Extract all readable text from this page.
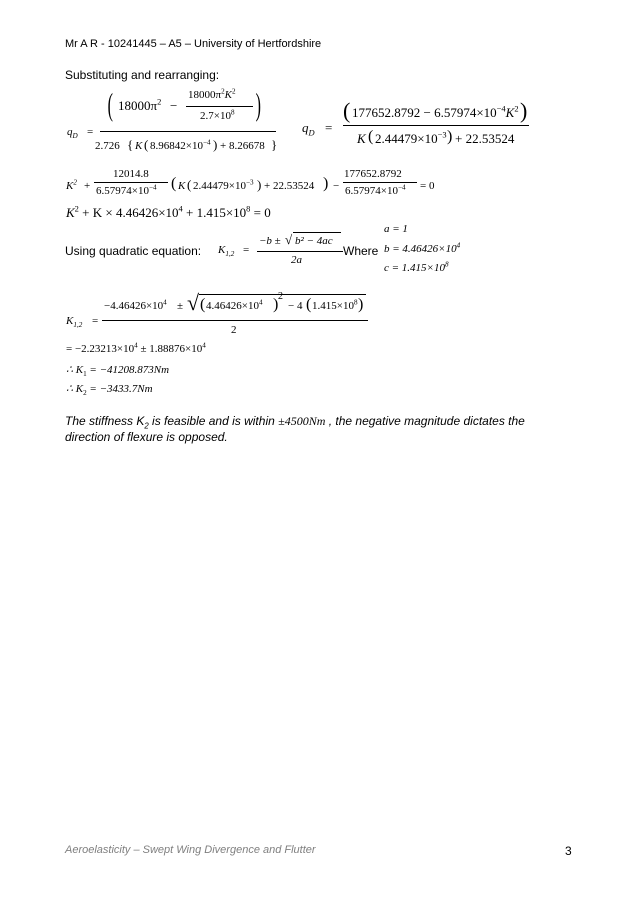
Mr A R - 10241445 – A5 – University of Hertfordshire
Substituting and rearranging:
$q_D$ =
( $18000\pi^2$ −
$18000\pi^2K^2$
$2.7\times 10^8$ )
2.726 { K ( $8.96842\times 10^{-4}$ ) + 8.26678 }
$q_D$ =
( $177652.8792 - 6.57974\times 10^{-4}K^2$ )
K ( $2.44479\times 10^{-3}$ ) + 22.53524
$K^2$ +
12014.8
$6.57974\times 10^{-4}$ ( K ( $2.44479\times 10^{-3}$ ) + 22.53524 ) −
177652.8792
$6.57974\times 10^{-4} = 0$
$K^2 + K \times 4.46426\times 10^4 + 1.415\times 10^8 = 0$
Using quadratic equation: $K_{1,2}$ =
−b ± √ b² − 4ac
2a
Where
a = 1
$b = 4.46426\times 10^4$
$c = 1.415\times 10^8$
$K_{1,2}$ =
$-4.46426\times 10^4$ ± √ ( $4.46426\times 10^4$ ) 2
− 4 ( $1.415\times 10^8$ )
2
= $-2.23213\times 10^4 \pm 1.88876\times 10^4$
∴ $K_1 = -41208.873Nm$
∴ $K_2 = -3433.7Nm$
The stiffness $K_2$ is feasible and is within ±4500Nm , the negative magnitude dictates the
direction of flexure is opposed.
Aeroelasticity – Swept Wing Divergence and Flutter	3
